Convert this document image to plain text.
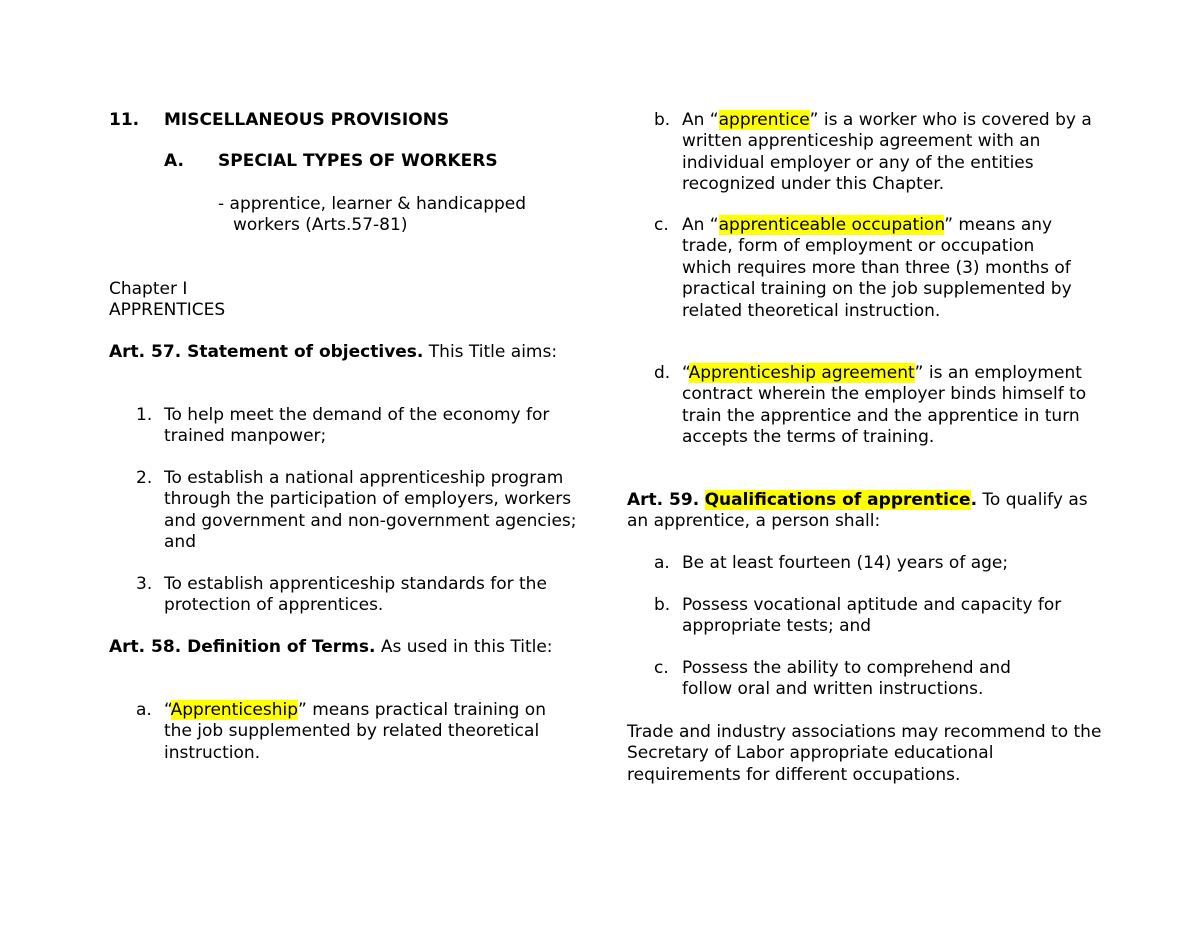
11. MISCELLANEOUS PROVISIONS
A. SPECIAL TYPES OF WORKERS

- apprentice, learner & handicapped

workers (Arts.57-81)

Chapter I

APPRENTICES

Art. 57. Statement of objectives. This Title aims:

1. To help meet the demand of the economy for trained manpower;

2. To establish a national apprenticeship program through the participation of employers, workers and government and non-government agencies; and

3. To establish apprenticeship standards for the protection of apprentices.

Art. 58. Definition of Terms. As used in this Title:

a. “Apprenticeship” means practical training on the job supplemented by related theoretical instruction.

b. An “apprentice” is a worker who is covered by a written apprenticeship agreement with an individual employer or any of the entities recognized under this Chapter.

c. An “apprenticeable occupation” means any trade, form of employment or occupation which requires more than three (3) months of practical training on the job supplemented by related theoretical instruction.

d. “Apprenticeship agreement” is an employment contract wherein the employer binds himself to train the apprentice and the apprentice in turn accepts the terms of training.

Art. 59. Qualifications of apprentice. To qualify as an apprentice, a person shall:

a. Be at least fourteen (14) years of age;

b. Possess vocational aptitude and capacity for appropriate tests; and

c. Possess the ability to comprehend and follow oral and written instructions.

Trade and industry associations may recommend to the Secretary of Labor appropriate educational requirements for different occupations.
